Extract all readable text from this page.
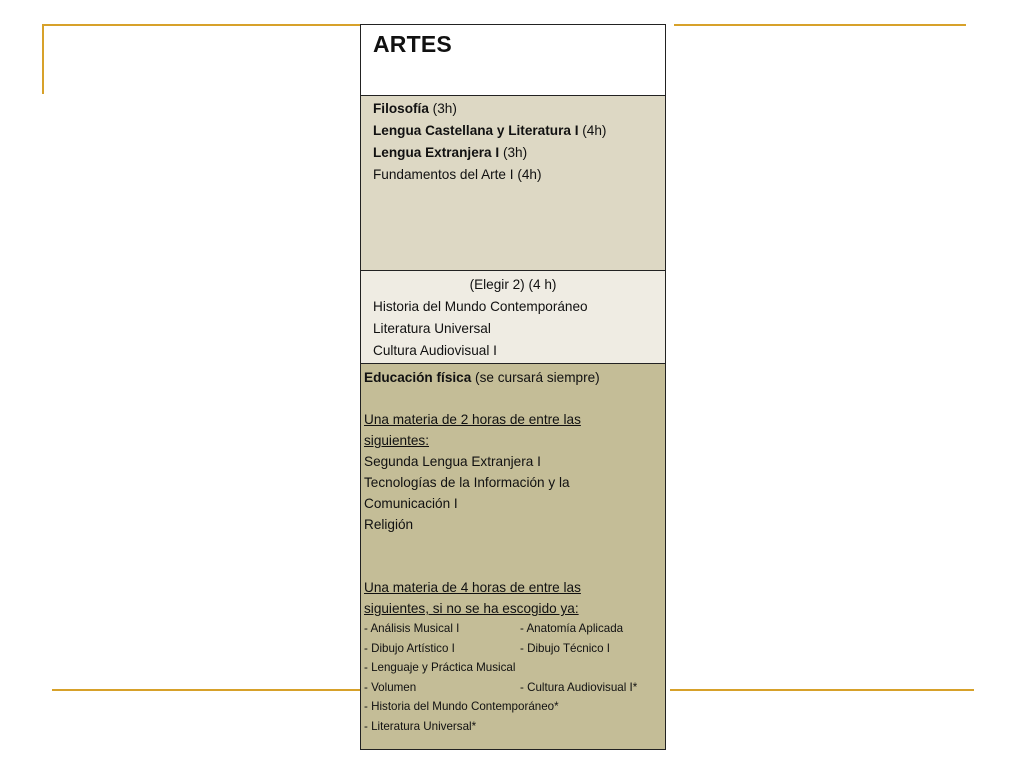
ARTES
Filosofía (3h)
Lengua Castellana y Literatura I (4h)
Lengua Extranjera I (3h)
Fundamentos del Arte I (4h)
(Elegir 2) (4 h)
Historia del Mundo Contemporáneo
Literatura Universal
Cultura Audiovisual I
Educación física (se cursará siempre)
Una materia de 2 horas de entre las
siguientes:
Segunda Lengua Extranjera I
Tecnologías de la Información y la
Comunicación I
Religión
Una materia de 4 horas de entre las
siguientes, si no se ha escogido ya:
- Análisis Musical I	- Anatomía Aplicada
- Dibujo Artístico I	- Dibujo Técnico I
- Lenguaje y Práctica Musical
- Volumen	- Cultura Audiovisual I*
- Historia del Mundo Contemporáneo*
- Literatura Universal*
